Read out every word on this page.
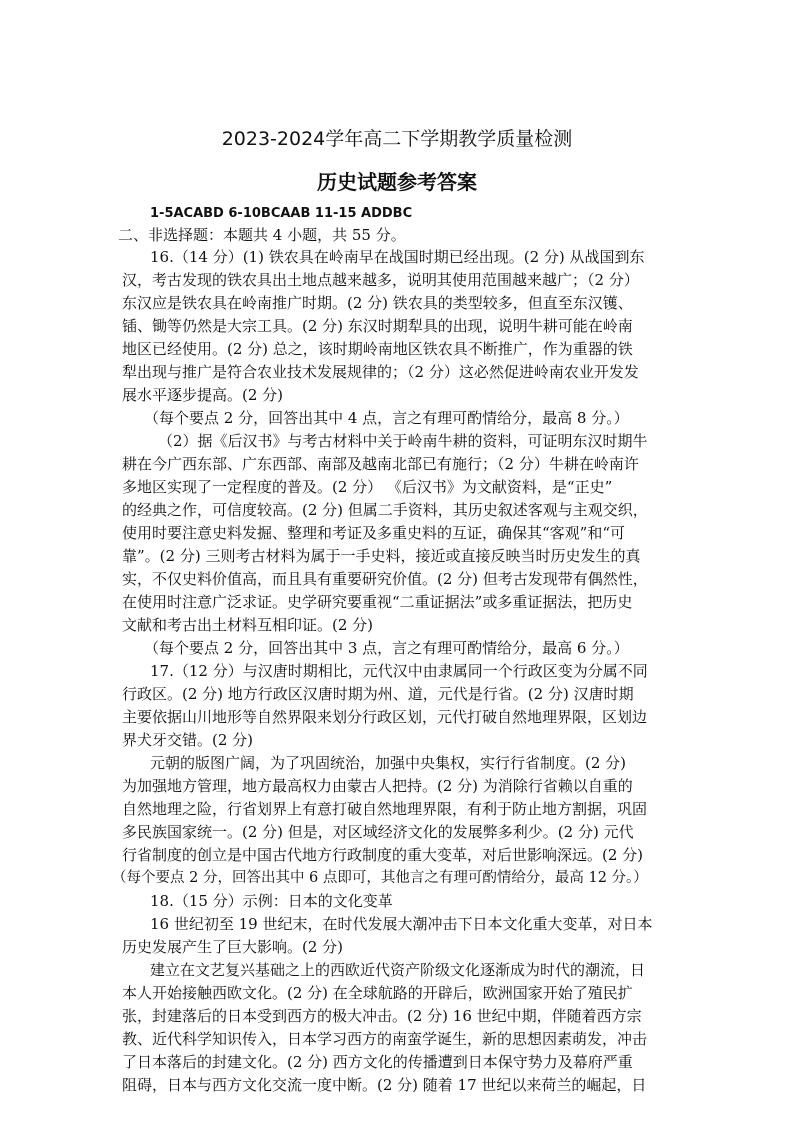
2023-2024学年高二下学期教学质量检测
历史试题参考答案
1-5ACABD 6-10BCAAB 11-15 ADDBC
二、非选择题：本题共 4 小题，共 55 分。
16.（14 分）(1) 铁农具在岭南早在战国时期已经出现。(2 分) 从战国到东
汉，考古发现的铁农具出土地点越来越多，说明其使用范围越来越广；（2 分）
东汉应是铁农具在岭南推广时期。(2 分) 铁农具的类型较多，但直至东汉镬、
锸、锄等仍然是大宗工具。(2 分) 东汉时期犁具的出现，说明牛耕可能在岭南
地区已经使用。(2 分) 总之，该时期岭南地区铁农具不断推广，作为重器的铁
犁出现与推广是符合农业技术发展规律的；（2 分）这必然促进岭南农业开发发
展水平逐步提高。(2 分)
（每个要点 2 分，回答出其中 4 点，言之有理可酌情给分，最高 8 分。）
（2）据《后汉书》与考古材料中关于岭南牛耕的资料，可证明东汉时期牛
耕在今广西东部、广东西部、南部及越南北部已有施行；（2 分）牛耕在岭南许
多地区实现了一定程度的普及。(2 分） 《后汉书》为文献资料，是“正史”
的经典之作，可信度较高。(2 分) 但属二手资料，其历史叙述客观与主观交织，
使用时要注意史料发掘、整理和考证及多重史料的互证，确保其“客观”和“可
靠”。(2 分) 三则考古材料为属于一手史料，接近或直接反映当时历史发生的真
实，不仅史料价值高，而且具有重要研究价值。(2 分) 但考古发现带有偶然性，
在使用时注意广泛求证。史学研究要重视“二重证据法”或多重证据法，把历史
文献和考古出土材料互相印证。(2 分)
（每个要点 2 分，回答出其中 3 点，言之有理可酌情给分，最高 6 分。）
17.（12 分）与汉唐时期相比，元代汉中由隶属同一个行政区变为分属不同
行政区。(2 分) 地方行政区汉唐时期为州、道，元代是行省。(2 分) 汉唐时期
主要依据山川地形等自然界限来划分行政区划，元代打破自然地理界限，区划边
界犬牙交错。(2 分)
元朝的版图广阔，为了巩固统治，加强中央集权，实行行省制度。(2 分)
为加强地方管理，地方最高权力由蒙古人把持。(2 分) 为消除行省赖以自重的
自然地理之险，行省划界上有意打破自然地理界限，有利于防止地方割据，巩固
多民族国家统一。(2 分) 但是，对区域经济文化的发展弊多利少。(2 分) 元代
行省制度的创立是中国古代地方行政制度的重大变革，对后世影响深远。(2 分)
（每个要点 2 分，回答出其中 6 点即可，其他言之有理可酌情给分，最高 12 分。）
18.（15 分）示例：日本的文化变革
16 世纪初至 19 世纪末，在时代发展大潮冲击下日本文化重大变革，对日本
历史发展产生了巨大影响。(2 分)
建立在文艺复兴基础之上的西欧近代资产阶级文化逐渐成为时代的潮流，日
本人开始接触西欧文化。(2 分) 在全球航路的开辟后，欧洲国家开始了殖民扩
张，封建落后的日本受到西方的极大冲击。(2 分) 16 世纪中期，伴随着西方宗
教、近代科学知识传入，日本学习西方的南蛮学诞生，新的思想因素萌发，冲击
了日本落后的封建文化。(2 分) 西方文化的传播遭到日本保守势力及幕府严重
阻碍，日本与西方文化交流一度中断。(2 分) 随着 17 世纪以来荷兰的崛起，日
